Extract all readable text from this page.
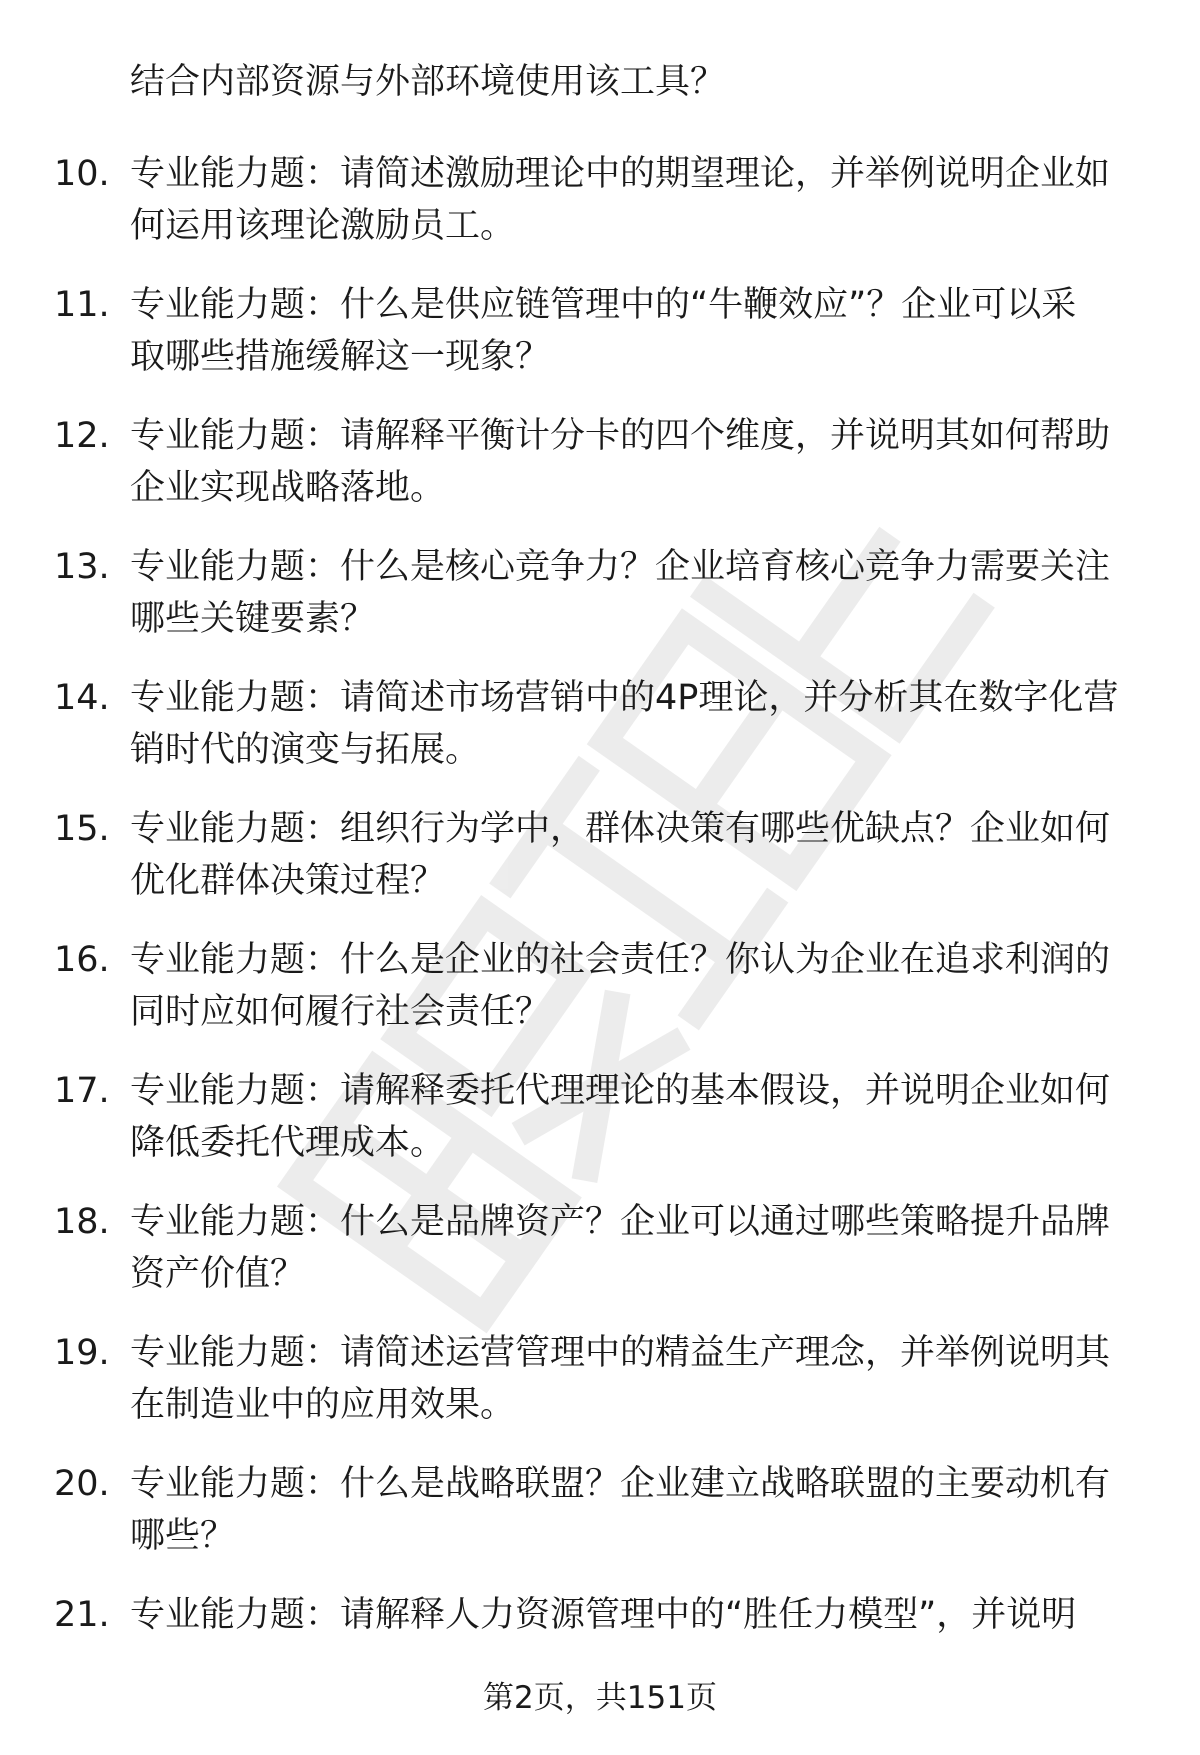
结合内部资源与外部环境使用该工具？
10. 专业能力题：请简述激励理论中的期望理论，并举例说明企业如
何运用该理论激励员工。
11. 专业能力题：什么是供应链管理中的“牛鞭效应”？企业可以采
取哪些措施缓解这一现象？
12. 专业能力题：请解释平衡计分卡的四个维度，并说明其如何帮助
企业实现战略落地。
13. 专业能力题：什么是核心竞争力？企业培育核心竞争力需要关注
哪些关键要素？
14. 专业能力题：请简述市场营销中的4P理论，并分析其在数字化营
销时代的演变与拓展。
15. 专业能力题：组织行为学中，群体决策有哪些优缺点？企业如何
优化群体决策过程？
16. 专业能力题：什么是企业的社会责任？你认为企业在追求利润的
同时应如何履行社会责任？
17. 专业能力题：请解释委托代理理论的基本假设，并说明企业如何
降低委托代理成本。
18. 专业能力题：什么是品牌资产？企业可以通过哪些策略提升品牌
资产价值？
19. 专业能力题：请简述运营管理中的精益生产理念，并举例说明其
在制造业中的应用效果。
20. 专业能力题：什么是战略联盟？企业建立战略联盟的主要动机有
哪些？
21. 专业能力题：请解释人力资源管理中的“胜任力模型”，并说明
第2页，共151页
